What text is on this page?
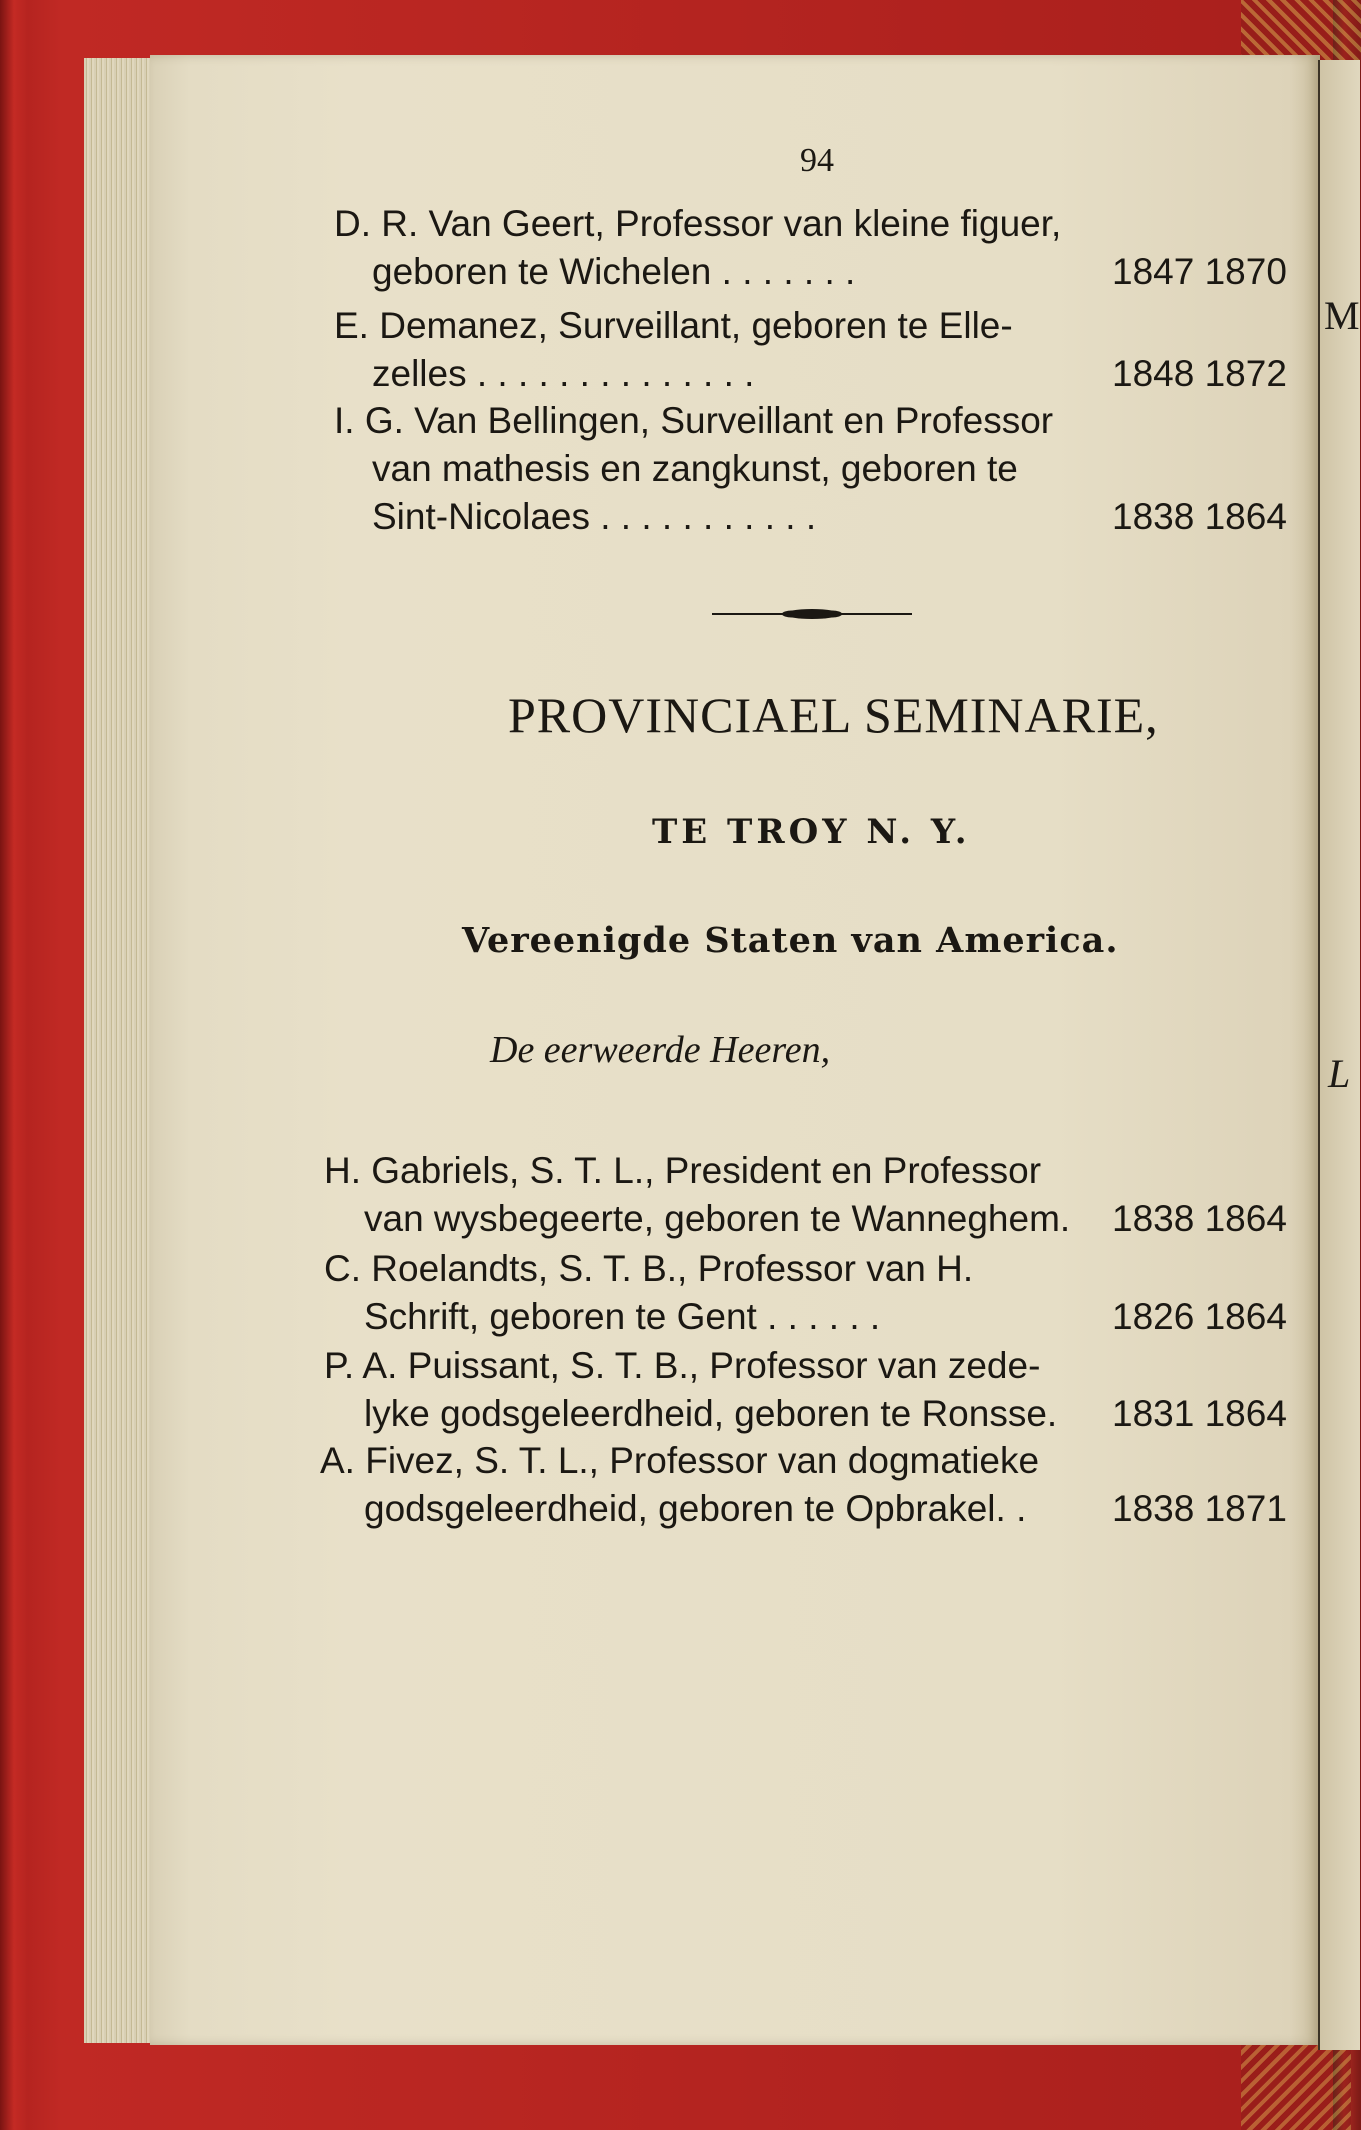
M
L
94
D. R. Van Geert, Professor van kleine figuer,
geboren te Wichelen . . . . . . .	1847 1870
E. Demanez, Surveillant, geboren te Elle-
zelles . . . . . . . . . . . . . .	1848 1872
I. G. Van Bellingen, Surveillant en Professor
van mathesis en zangkunst, geboren te
Sint-Nicolaes . . . . . . . . . . .	1838 1864
PROVINCIAEL SEMINARIE,
TE TROY N. Y.
Vereenigde Staten van America.
De eerweerde Heeren,
H. Gabriels, S. T. L., President en Professor
van wysbegeerte, geboren te Wanneghem. 1838 1864
C. Roelandts, S. T. B., Professor van H.
Schrift, geboren te Gent . . . . . .	1826 1864
P. A. Puissant, S. T. B., Professor van zede-
lyke godsgeleerdheid, geboren te Ronsse. 1831 1864
A. Fivez, S. T. L., Professor van dogmatieke
godsgeleerdheid, geboren te Opbrakel. . 1838 1871
